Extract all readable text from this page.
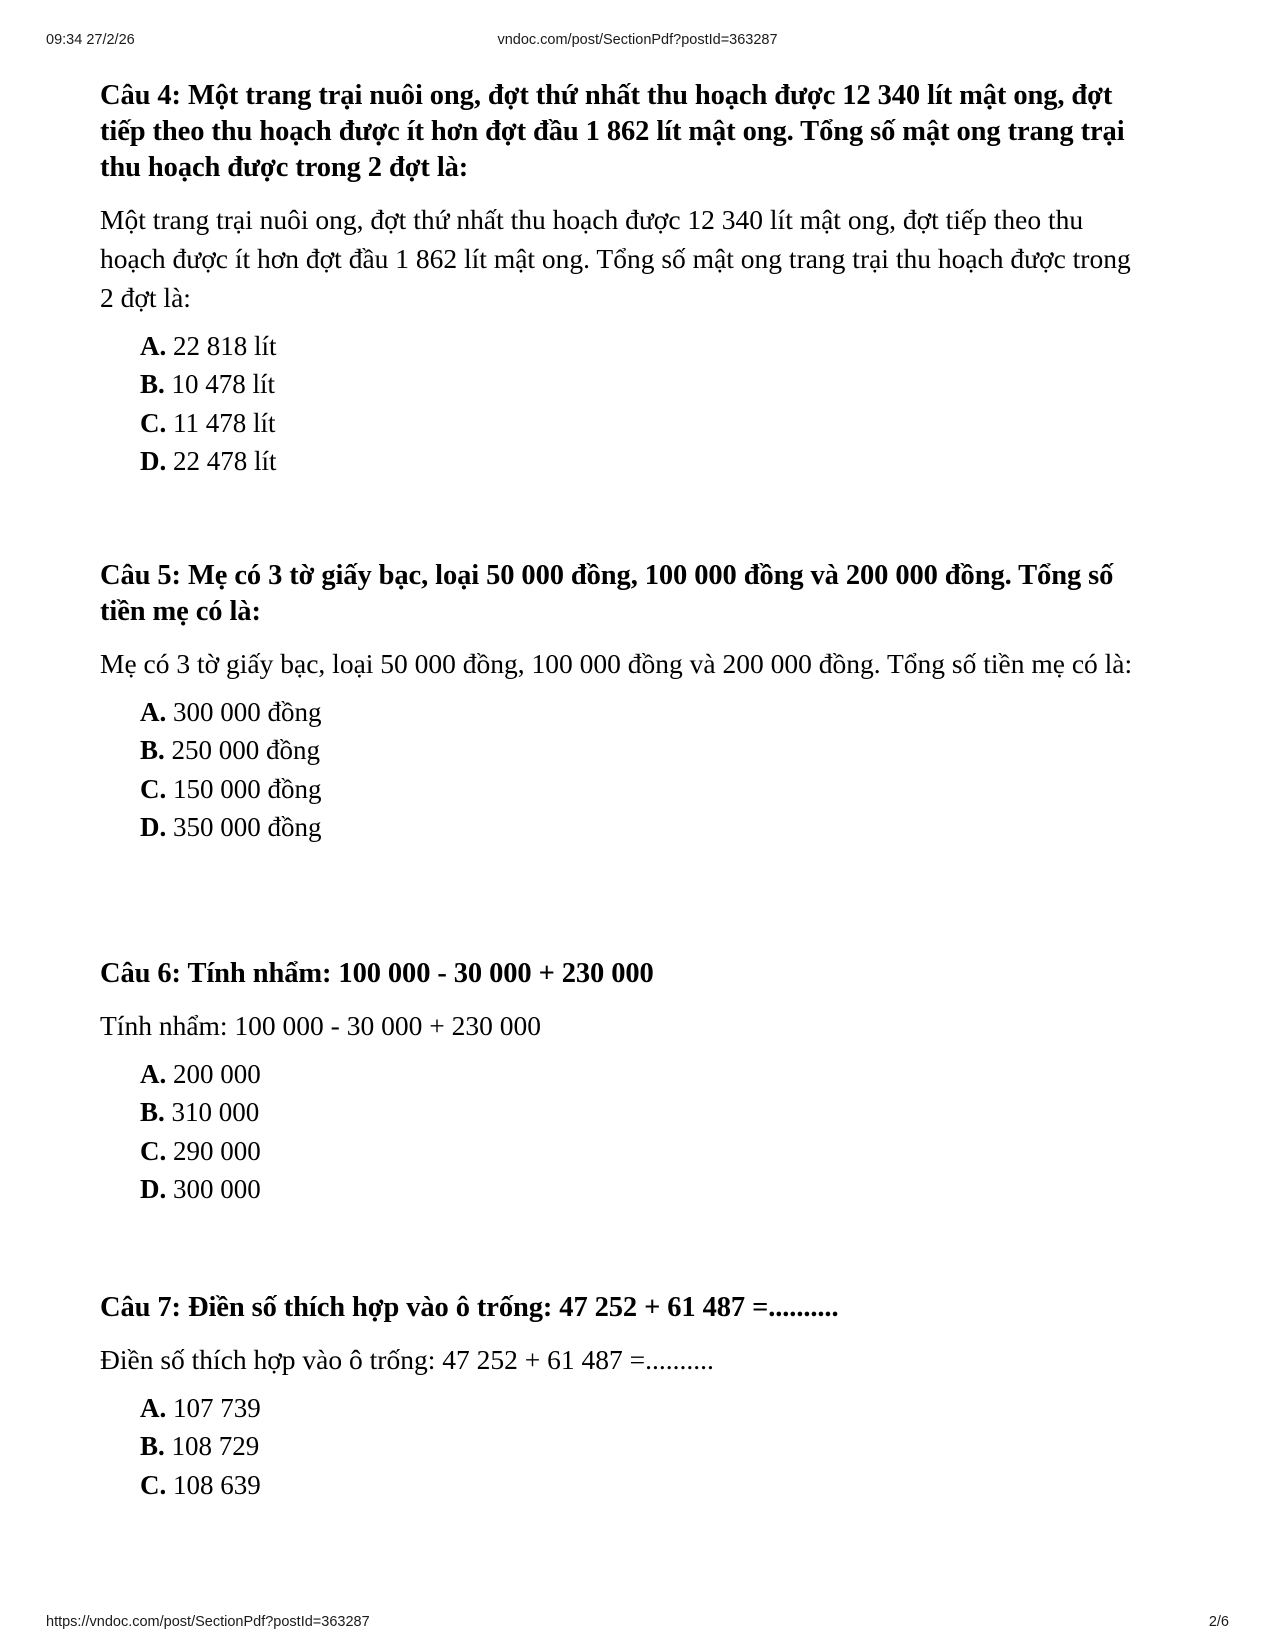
09:34 27/2/26	vndoc.com/post/SectionPdf?postId=363287

Câu 4: Một trang trại nuôi ong, đợt thứ nhất thu hoạch được 12 340 lít mật ong, đợt tiếp theo thu hoạch được ít hơn đợt đầu 1 862 lít mật ong. Tổng số mật ong trang trại thu hoạch được trong 2 đợt là:

Một trang trại nuôi ong, đợt thứ nhất thu hoạch được 12 340 lít mật ong, đợt tiếp theo thu hoạch được ít hơn đợt đầu 1 862 lít mật ong. Tổng số mật ong trang trại thu hoạch được trong 2 đợt là:

A. 22 818 lít
B. 10 478 lít
C. 11 478 lít
D. 22 478 lít

Câu 5: Mẹ có 3 tờ giấy bạc, loại 50 000 đồng, 100 000 đồng và 200 000 đồng. Tổng số tiền mẹ có là:

Mẹ có 3 tờ giấy bạc, loại 50 000 đồng, 100 000 đồng và 200 000 đồng. Tổng số tiền mẹ có là:

A. 300 000 đồng
B. 250 000 đồng
C. 150 000 đồng
D. 350 000 đồng

Câu 6: Tính nhẩm: 100 000 - 30 000 + 230 000

Tính nhẩm: 100 000 - 30 000 + 230 000

A. 200 000
B. 310 000
C. 290 000
D. 300 000

Câu 7: Điền số thích hợp vào ô trống: 47 252 + 61 487 =..........

Điền số thích hợp vào ô trống: 47 252 + 61 487 =..........

A. 107 739
B. 108 729
C. 108 639
https://vndoc.com/post/SectionPdf?postId=363287	2/6
